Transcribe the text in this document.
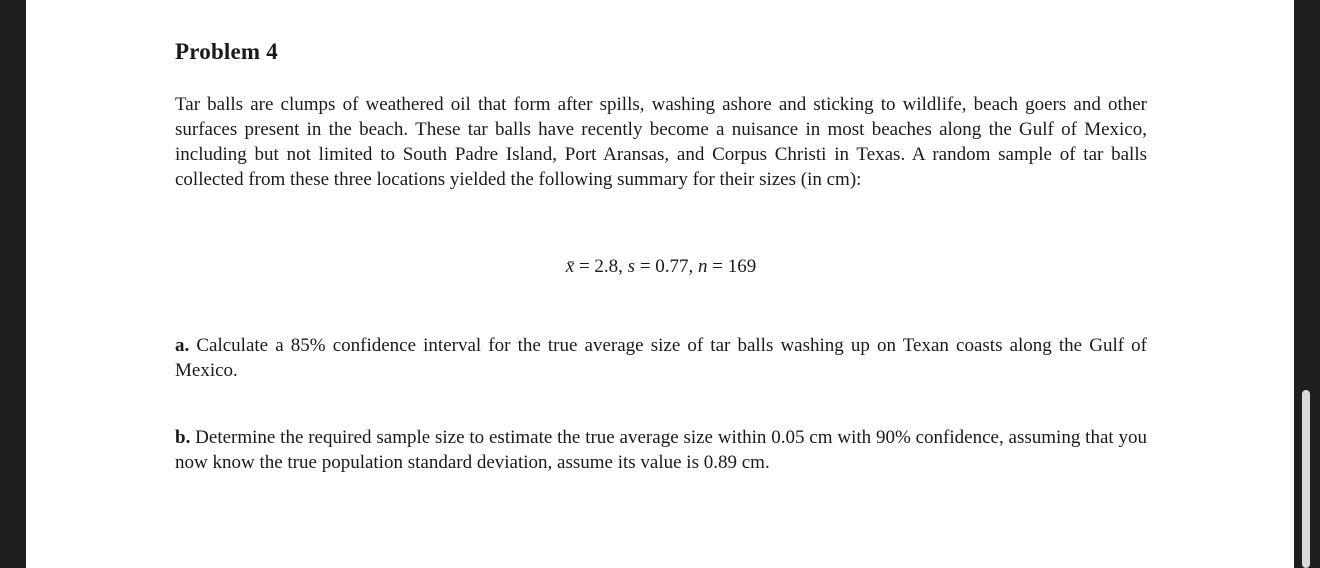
Problem 4

Tar balls are clumps of weathered oil that form after spills, washing ashore and sticking to wildlife, beach goers and other surfaces present in the beach. These tar balls have recently become a nuisance in most beaches along the Gulf of Mexico, including but not limited to South Padre Island, Port Aransas, and Corpus Christi in Texas. A random sample of tar balls collected from these three locations yielded the following summary for their sizes (in cm):

x̄ = 2.8, s = 0.77, n = 169

a. Calculate a 85% confidence interval for the true average size of tar balls washing up on Texan coasts along the Gulf of Mexico.

b. Determine the required sample size to estimate the true average size within 0.05 cm with 90% confidence, assuming that you now know the true population standard deviation, assume its value is 0.89 cm.
